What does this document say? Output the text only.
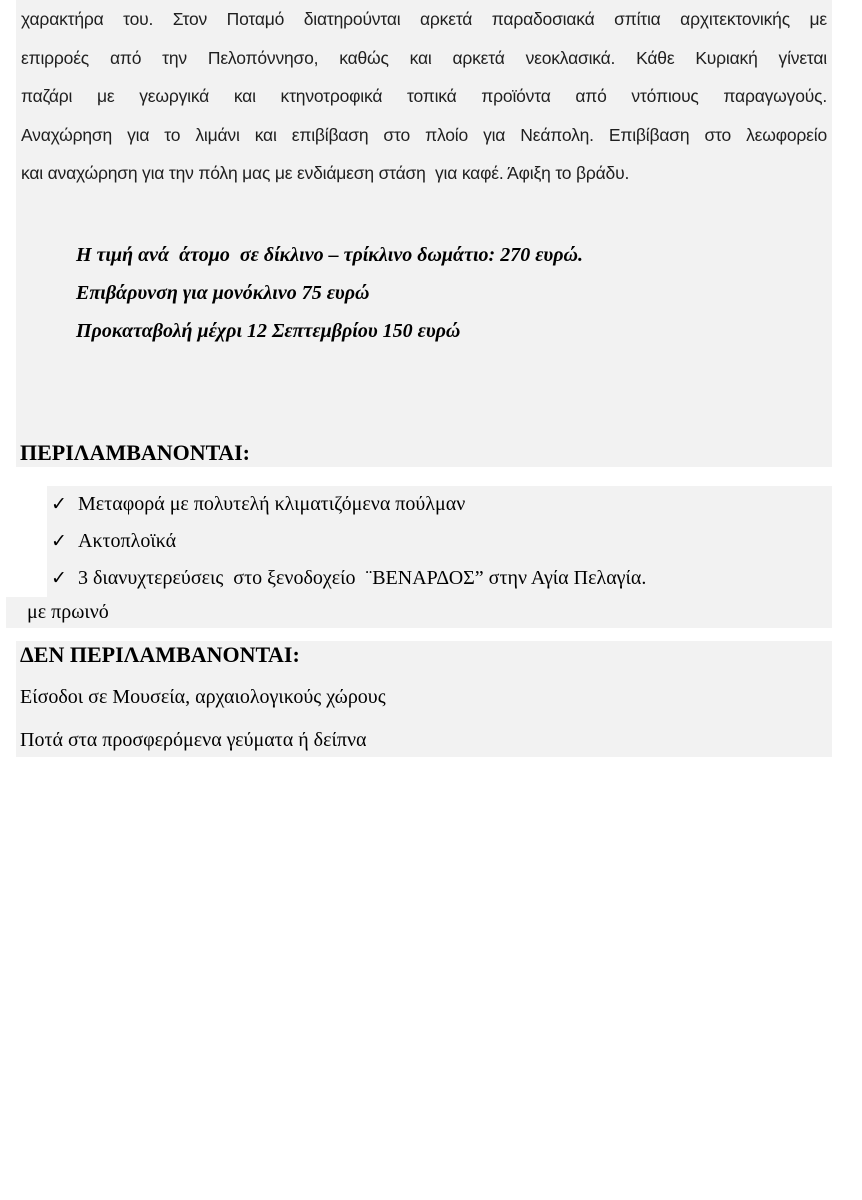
χαρακτήρα του. Στον Ποταμό διατηρούνται αρκετά παραδοσιακά σπίτια αρχιτεκτονικής με
επιρροές από την Πελοπόννησο, καθώς και αρκετά νεοκλασικά. Κάθε Κυριακή γίνεται
παζάρι με γεωργικά και κτηνοτροφικά τοπικά προϊόντα από ντόπιους παραγωγούς.
Αναχώρηση για το λιμάνι και επιβίβαση στο πλοίο για Νεάπολη. Επιβίβαση στο λεωφορείο
και αναχώρηση για την πόλη μας με ενδιάμεση στάση  για καφέ. Άφιξη το βράδυ.
Η τιμή ανά  άτομο  σε δίκλινο – τρίκλινο δωμάτιο: 270 ευρώ.
Επιβάρυνση για μονόκλινο 75 ευρώ
Προκαταβολή μέχρι 12 Σεπτεμβρίου 150 ευρώ
ΠΕΡΙΛΑΜΒΑΝΟΝΤΑΙ:
✓ Μεταφορά με πολυτελή κλιματιζόμενα πούλμαν
✓ Ακτοπλοϊκά
✓ 3 διανυχτερεύσεις  στο ξενοδοχείο  ¨ΒΕΝΑΡΔΟΣ” στην Αγία Πελαγία.
με πρωινό
ΔΕΝ ΠΕΡΙΛΑΜΒΑΝΟΝΤΑΙ:
Είσοδοι σε Μουσεία, αρχαιολογικούς χώρους
Ποτά στα προσφερόμενα γεύματα ή δείπνα
